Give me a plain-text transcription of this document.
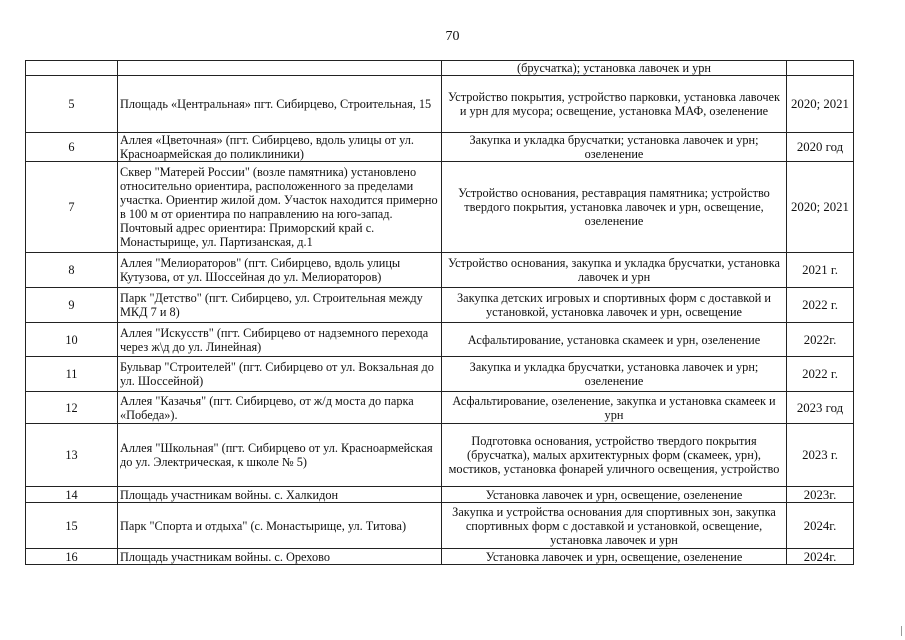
70
		(брусчатка); установка лавочек и урн	
5	Площадь «Центральная» пгт. Сибирцево, Строительная, 15	Устройство покрытия, устройство парковки, установка лавочек и урн для мусора; освещение, установка МАФ, озеленение	2020; 2021
6	Аллея «Цветочная» (пгт. Сибирцево, вдоль улицы от ул. Красноармейская до поликлиники)	Закупка и укладка брусчатки; установка лавочек и урн; озеленение	2020 год
7	Сквер "Матерей России" (возле памятника) установлено относительно ориентира, расположенного за пределами участка. Ориентир жилой дом. Участок находится примерно в 100 м от ориентира по направлению на юго-запад. Почтовый адрес ориентира: Приморский край с. Монастырище, ул. Партизанская, д.1	Устройство основания, реставрация памятника; устройство твердого покрытия, установка лавочек и урн, освещение, озеленение	2020; 2021
8	Аллея "Мелиораторов" (пгт. Сибирцево, вдоль улицы Кутузова, от ул. Шоссейная до ул. Мелиораторов)	Устройство основания, закупка и укладка брусчатки, установка лавочек и урн	2021 г.
9	Парк "Детство" (пгт. Сибирцево, ул. Строительная между МКД 7 и 8)	Закупка детских игровых и спортивных форм с доставкой и установкой, установка лавочек и урн, освещение	2022 г.
10	Аллея "Искусств" (пгт. Сибирцево от надземного перехода через ж\д до ул. Линейная)	Асфальтирование, установка скамеек и урн, озеленение	2022г.
11	Бульвар "Строителей" (пгт. Сибирцево от ул. Вокзальная до ул. Шоссейной)	Закупка и укладка брусчатки, установка лавочек и урн; озеленение	2022 г.
12	Аллея "Казачья" (пгт. Сибирцево, от ж/д моста до парка «Победа»).	Асфальтирование, озеленение, закупка и установка скамеек и урн	2023 год
13	Аллея "Школьная" (пгт. Сибирцево от ул. Красноармейская до ул. Электрическая, к школе № 5)	Подготовка основания, устройство твердого покрытия (брусчатка), малых архитектурных форм (скамеек, урн), мостиков, установка фонарей уличного освещения, устройство	2023 г.
14	Площадь участникам войны. с. Халкидон	Установка лавочек и урн, освещение, озеленение	2023г.
15	Парк "Спорта и отдыха" (с. Монастырище, ул. Титова)	Закупка и устройства основания для спортивных зон, закупка спортивных форм с доставкой и установкой, освещение, установка лавочек и урн	2024г.
16	Площадь участникам войны. с. Орехово	Установка лавочек и урн, освещение, озеленение	2024г.
